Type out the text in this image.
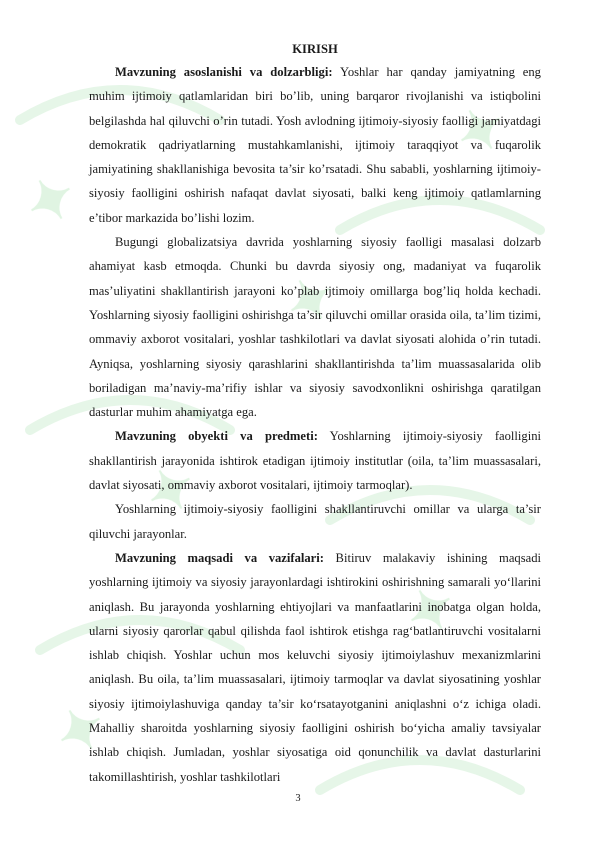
✦
✦
✦
✦
✦
✦

KIRISH

Mavzuning asoslanishi va dolzarbligi: Yoshlar har qanday jamiyatning eng muhim ijtimoiy qatlamlaridan biri bo’lib, uning barqaror rivojlanishi va istiqbolini belgilashda hal qiluvchi o’rin tutadi. Yosh avlodning ijtimoiy-siyosiy faolligi jamiyatdagi demokratik qadriyatlarning mustahkamlanishi, ijtimoiy taraqqiyot va fuqarolik jamiyatining shakllanishiga bevosita ta’sir ko’rsatadi. Shu sababli, yoshlarning ijtimoiy-siyosiy faolligini oshirish nafaqat davlat siyosati, balki keng ijtimoiy qatlamlarning e’tibor markazida bo’lishi lozim.

Bugungi globalizatsiya davrida yoshlarning siyosiy faolligi masalasi dolzarb ahamiyat kasb etmoqda. Chunki bu davrda siyosiy ong, madaniyat va fuqarolik mas’uliyatini shakllantirish jarayoni ko’plab ijtimoiy omillarga bog’liq holda kechadi. Yoshlarning siyosiy faolligini oshirishga ta’sir qiluvchi omillar orasida oila, ta’lim tizimi, ommaviy axborot vositalari, yoshlar tashkilotlari va davlat siyosati alohida o’rin tutadi. Ayniqsa, yoshlarning siyosiy qarashlarini shakllantirishda ta’lim muassasalarida olib boriladigan ma’naviy-ma’rifiy ishlar va siyosiy savodxonlikni oshirishga qaratilgan dasturlar muhim ahamiyatga ega.

Mavzuning obyekti va predmeti: Yoshlarning ijtimoiy-siyosiy faolligini shakllantirish jarayonida ishtirok etadigan ijtimoiy institutlar (oila, ta’lim muassasalari, davlat siyosati, ommaviy axborot vositalari, ijtimoiy tarmoqlar).

Yoshlarning ijtimoiy-siyosiy faolligini shakllantiruvchi omillar va ularga ta’sir qiluvchi jarayonlar.

Mavzuning maqsadi va vazifalari: Bitiruv malakaviy ishining maqsadi yoshlarning ijtimoiy va siyosiy jarayonlardagi ishtirokini oshirishning samarali yo‘llarini aniqlash. Bu jarayonda yoshlarning ehtiyojlari va manfaatlarini inobatga olgan holda, ularni siyosiy qarorlar qabul qilishda faol ishtirok etishga rag‘batlantiruvchi vositalarni ishlab chiqish. Yoshlar uchun mos keluvchi siyosiy ijtimoiylashuv mexanizmlarini aniqlash. Bu oila, ta’lim muassasalari, ijtimoiy tarmoqlar va davlat siyosatining yoshlar siyosiy ijtimoiylashuviga qanday ta’sir ko‘rsatayotganini aniqlashni o‘z ichiga oladi. Mahalliy sharoitda yoshlarning siyosiy faolligini oshirish bo‘yicha amaliy tavsiyalar ishlab chiqish. Jumladan, yoshlar siyosatiga oid qonunchilik va davlat dasturlarini takomillashtirish, yoshlar tashkilotlari

3
